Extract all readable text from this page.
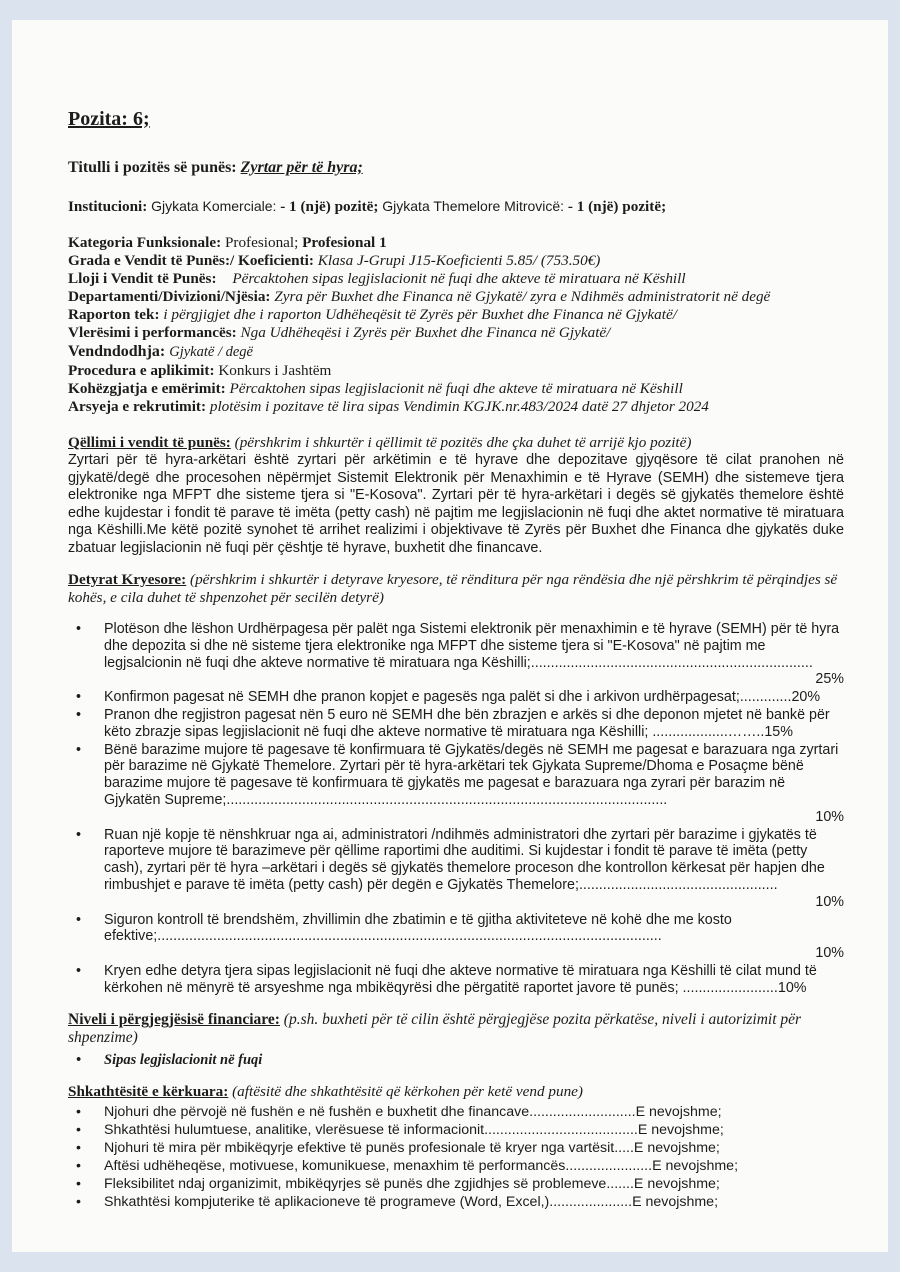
Pozita: 6;

Titulli i pozitës së punës: Zyrtar për të hyra;

Institucioni: Gjykata Komerciale: - 1 (një) pozitë; Gjykata Themelore Mitrovicë: - 1 (një) pozitë;

Kategoria Funksionale: Profesional; Profesional 1

Grada e Vendit të Punës:/ Koeficienti: Klasa J-Grupi J15-Koeficienti 5.85/ (753.50€)

Lloji i Vendit të Punës: Përcaktohen sipas legjislacionit në fuqi dhe akteve të miratuara në Këshill

Departamenti/Divizioni/Njësia: Zyra për Buxhet dhe Financa në Gjykatë/ zyra e Ndihmës administratorit në degë

Raporton tek: i përgjigjet dhe i raporton Udhëheqësit të Zyrës për Buxhet dhe Financa në Gjykatë/

Vlerësimi i performancës: Nga Udhëheqësi i Zyrës për Buxhet dhe Financa në Gjykatë/

Vendndodhja: Gjykatë / degë

Procedura e aplikimit: Konkurs i Jashtëm

Kohëzgjatja e emërimit: Përcaktohen sipas legjislacionit në fuqi dhe akteve të miratuara në Këshill

Arsyeja e rekrutimit: plotësim i pozitave të lira sipas Vendimin KGJK.nr.483/2024 datë 27 dhjetor 2024

Qëllimi i vendit të punës: (përshkrim i shkurtër i qëllimit të pozitës dhe çka duhet të arrijë kjo pozitë)

Zyrtari për të hyra-arkëtari është zyrtari për arkëtimin e të hyrave dhe depozitave gjyqësore të cilat pranohen në gjykatë/degë dhe procesohen nëpërmjet Sistemit Elektronik për Menaxhimin e të Hyrave (SEMH) dhe sistemeve tjera elektronike nga MFPT dhe sisteme tjera si "E-Kosova". Zyrtari për të hyra-arkëtari i degës së gjykatës themelore është edhe kujdestar i fondit të parave të imëta (petty cash) në pajtim me legjislacionin në fuqi dhe aktet normative të miratuara nga Këshilli.Me këtë pozitë synohet të arrihet realizimi i objektivave të Zyrës për Buxhet dhe Financa dhe gjykatës duke zbatuar legjislacionin në fuqi për çështje të hyrave, buxhetit dhe financave.

Detyrat Kryesore: (përshkrim i shkurtër i detyrave kryesore, të rënditura për nga rëndësia dhe një përshkrim të përqindjes së kohës, e cila duhet të shpenzohet për secilën detyrë)

• Plotëson dhe lëshon Urdhërpagesa për palët nga Sistemi elektronik për menaxhimin e të hyrave (SEMH) për të hyra dhe depozita si dhe në sisteme tjera elektronike nga MFPT dhe sisteme tjera si "E-Kosova" në pajtim me legjsalcionin në fuqi dhe akteve normative të miratuara nga Këshilli;.......................................................................
25%
• Konfirmon pagesat në SEMH dhe pranon kopjet e pagesës nga palët si dhe i arkivon urdhërpagesat;.............20%
• Pranon dhe regjistron pagesat nën 5 euro në SEMH dhe bën zbrazjen e arkës si dhe deponon mjetet në bankë për këto zbrazje sipas legjislacionit në fuqi dhe akteve normative të miratuara nga Këshilli; ...................……..15%
• Bënë barazime mujore të pagesave të konfirmuara të Gjykatës/degës në SEMH me pagesat e barazuara nga zyrtari për barazime në Gjykatë Themelore. Zyrtari për të hyra-arkëtari tek Gjykata Supreme/Dhoma e Posaçme bënë barazime mujore të pagesave të konfirmuara të gjykatës me pagesat e barazuara nga zyrari për barazim në Gjykatën Supreme;...............................................................................................................
10%
• Ruan një kopje të nënshkruar nga ai, administratori /ndihmës administratori dhe zyrtari për barazime i gjykatës të raporteve mujore të barazimeve për qëllime raportimi dhe auditimi. Si kujdestar i fondit të parave të imëta (petty cash), zyrtari për të hyra –arkëtari i degës së gjykatës themelore proceson dhe kontrollon kërkesat për hapjen dhe rimbushjet e parave të imëta (petty cash) për degën e Gjykatës Themelore;..................................................
10%
• Siguron kontroll të brendshëm, zhvillimin dhe zbatimin e të gjitha aktiviteteve në kohë dhe me kosto efektive;...............................................................................................................................
10%
• Kryen edhe detyra tjera sipas legjislacionit në fuqi dhe akteve normative të miratuara nga Këshilli të cilat mund të kërkohen në mënyrë të arsyeshme nga mbikëqyrësi dhe përgatitë raportet javore të punës; ........................10%

Niveli i përgjegjësisë financiare: (p.sh. buxheti për të cilin është përgjegjëse pozita përkatëse, niveli i autorizimit për shpenzime)

• Sipas legjislacionit në fuqi

Shkathtësitë e kërkuara: (aftësitë dhe shkathtësitë që kërkohen për ketë vend pune)

• Njohuri dhe përvojë në fushën e në fushën e buxhetit dhe financave...........................E nevojshme;
• Shkathtësi hulumtuese, analitike, vlerësuese të informacionit.......................................E nevojshme;
• Njohuri të mira për mbikëqyrje efektive të punës profesionale të kryer nga vartësit.....E nevojshme;
• Aftësi udhëheqëse, motivuese, komunikuese, menaxhim të performancës......................E nevojshme;
• Fleksibilitet ndaj organizimit, mbikëqyrjes së punës dhe zgjidhjes së problemeve.......E nevojshme;
• Shkathtësi kompjuterike të aplikacioneve të programeve (Word, Excel,).....................E nevojshme;
